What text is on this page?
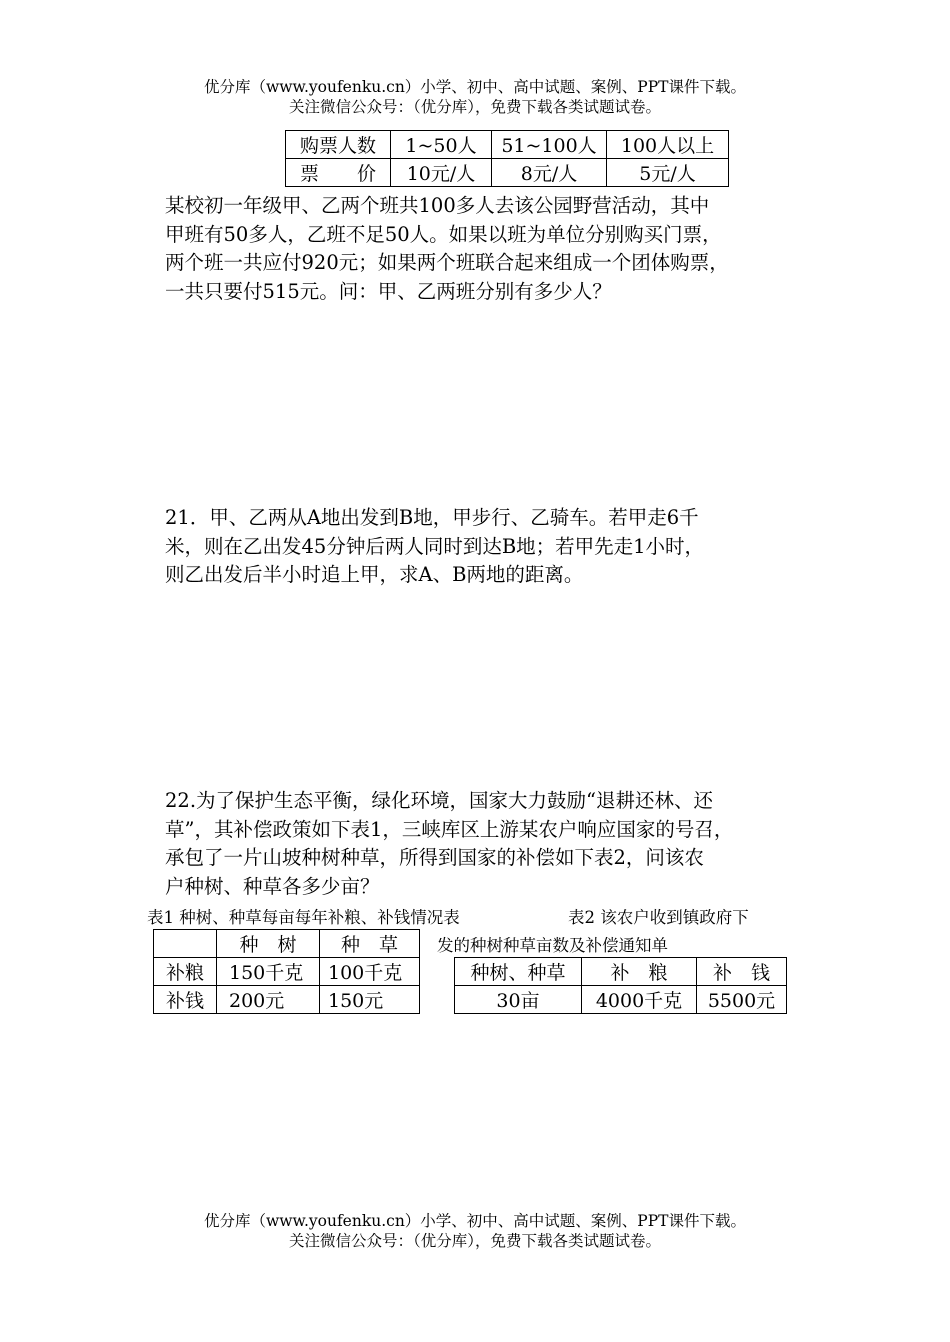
优分库（www.youfenku.cn）小学、初中、高中试题、案例、PPT课件下载。
关注微信公众号：（优分库），免费下载各类试题试卷。
购票人数	1~50人	51~100人	100人以上
票　　价	10元/人	8元/人	5元/人
某校初一年级甲、乙两个班共100多人去该公园野营活动，其中
甲班有50多人，乙班不足50人。如果以班为单位分别购买门票，
两个班一共应付920元；如果两个班联合起来组成一个团体购票，
一共只要付515元。问：甲、乙两班分别有多少人？
21．甲、乙两从A地出发到B地，甲步行、乙骑车。若甲走6千
米，则在乙出发45分钟后两人同时到达B地；若甲先走1小时，
则乙出发后半小时追上甲，求A、B两地的距离。
22.为了保护生态平衡，绿化环境，国家大力鼓励“退耕还林、还
草”，其补偿政策如下表1，三峡库区上游某农户响应国家的号召，
承包了一片山坡种树种草，所得到国家的补偿如下表2，问该农
户种树、种草各多少亩？
表1 种树、种草每亩每年补粮、补钱情况表	表2 该农户收到镇政府下
发的种树种草亩数及补偿通知单
	种　树	种　草
补粮	150千克	100千克
补钱	200元	150元
种树、种草	补　粮	补　钱
30亩	4000千克	5500元
优分库（www.youfenku.cn）小学、初中、高中试题、案例、PPT课件下载。
关注微信公众号：（优分库），免费下载各类试题试卷。
